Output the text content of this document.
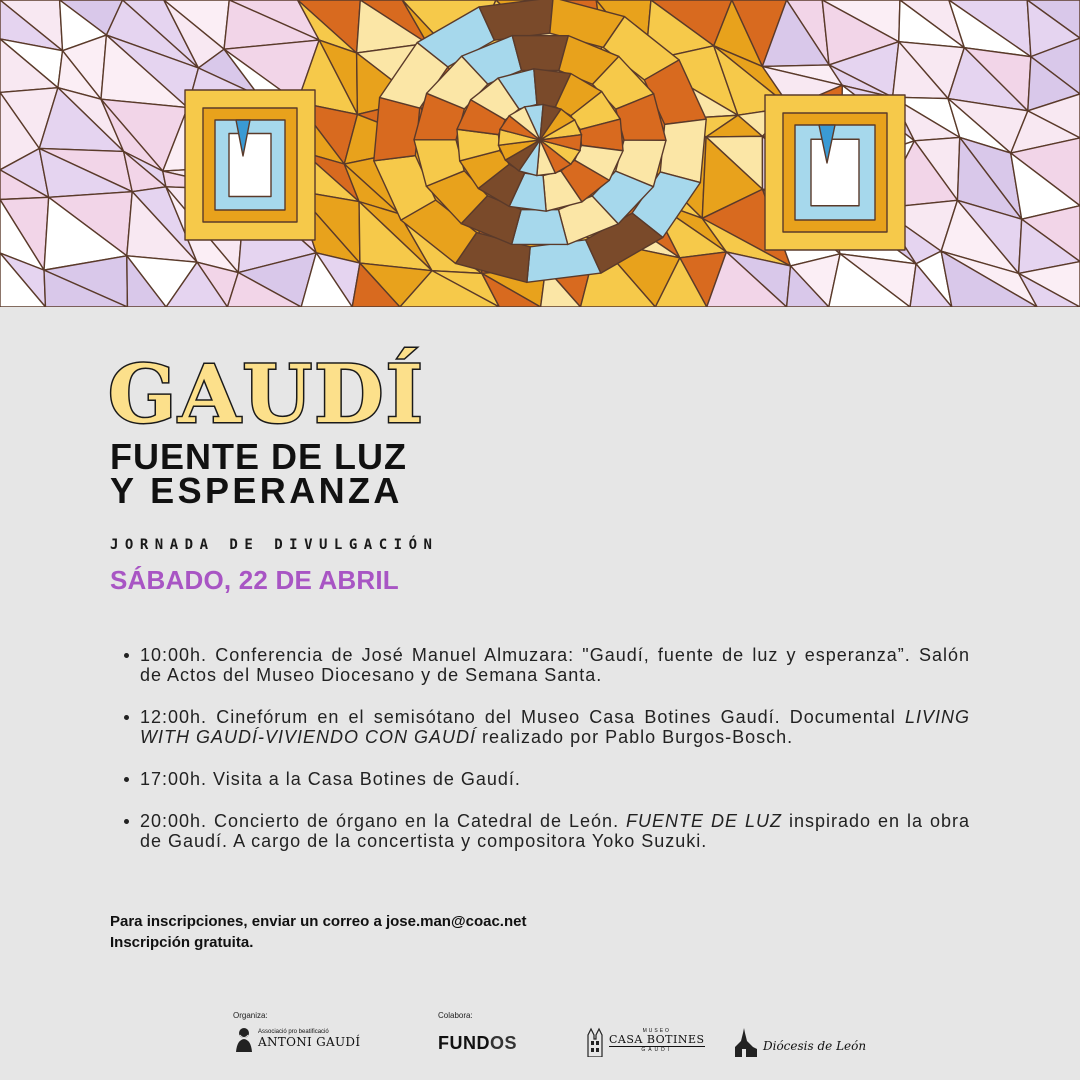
GAUDÍ
FUENTE DE LUZ
Y ESPERANZA

JORNADA DE DIVULGACIÓN

SÁBADO, 22 DE ABRIL

10:00h. Conferencia de José Manuel Almuzara: "Gaudí, fuente de luz y esperanza”. Salón de Actos del Museo Diocesano y de Semana Santa.
12:00h. Cinefórum en el semisótano del Museo Casa Botines Gaudí. Documental LIVING WITH GAUDÍ-VIVIENDO CON GAUDÍ realizado por Pablo Burgos-Bosch.
17:00h. Visita a la Casa Botines de Gaudí.
20:00h. Concierto de órgano en la Catedral de León. FUENTE DE LUZ inspirado en la obra de Gaudí. A cargo de la concertista y compositora Yoko Suzuki.
Para inscripciones, enviar un correo a jose.man@coac.net
Inscripción gratuita.
Organiza:	Colabora:
Associació pro beatificació
ANTONI GAUDÍ	FUND OS
MUSEO
CASA BOTINES
GAUDÍ	Diócesis de León
